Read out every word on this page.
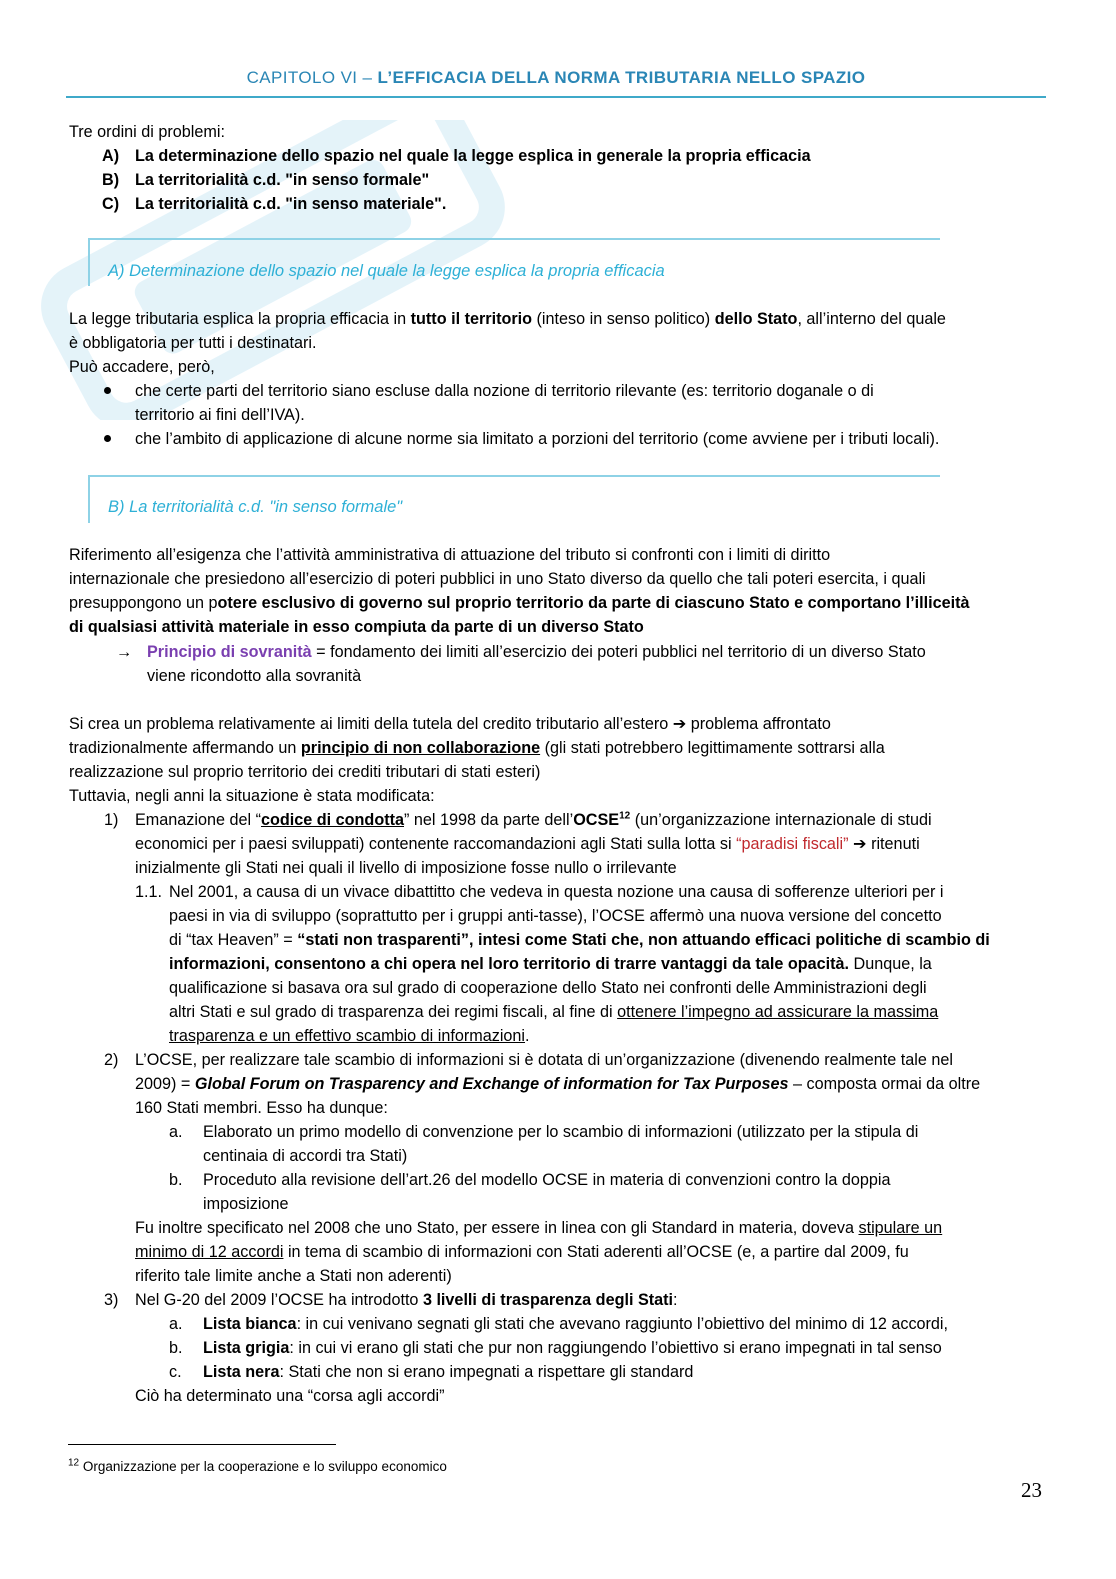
CAPITOLO VI – L’EFFICACIA DELLA NORMA TRIBUTARIA NELLO SPAZIO
Tre ordini di problemi:
A) La determinazione dello spazio nel quale la legge esplica in generale la propria efficacia
B) La territorialità c.d. "in senso formale"
C) La territorialità c.d. "in senso materiale".
A) Determinazione dello spazio nel quale la legge esplica la propria efficacia
La legge tributaria esplica la propria efficacia in tutto il territorio (inteso in senso politico) dello Stato, all’interno del quale
è obbligatoria per tutti i destinatari.
Può accadere, però,
che certe parti del territorio siano escluse dalla nozione di territorio rilevante (es: territorio doganale o di
territorio ai fini dell’IVA).
che l’ambito di applicazione di alcune norme sia limitato a porzioni del territorio (come avviene per i tributi locali).
B) La territorialità c.d. "in senso formale"
Riferimento all’esigenza che l’attività amministrativa di attuazione del tributo si confronti con i limiti di diritto
internazionale che presiedono all’esercizio di poteri pubblici in uno Stato diverso da quello che tali poteri esercita, i quali
presuppongono un potere esclusivo di governo sul proprio territorio da parte di ciascuno Stato e comportano l’illiceità
di qualsiasi attività materiale in esso compiuta da parte di un diverso Stato
→ Principio di sovranità = fondamento dei limiti all’esercizio dei poteri pubblici nel territorio di un diverso Stato
viene ricondotto alla sovranità
Si crea un problema relativamente ai limiti della tutela del credito tributario all’estero ➔ problema affrontato
tradizionalmente affermando un principio di non collaborazione (gli stati potrebbero legittimamente sottrarsi alla
realizzazione sul proprio territorio dei crediti tributari di stati esteri)
Tuttavia, negli anni la situazione è stata modificata:
1) Emanazione del “codice di condotta” nel 1998 da parte dell’OCSE$^{12}$ (un’organizzazione internazionale di studi
economici per i paesi sviluppati) contenente raccomandazioni agli Stati sulla lotta si “paradisi fiscali” ➔ ritenuti
inizialmente gli Stati nei quali il livello di imposizione fosse nullo o irrilevante
1.1. Nel 2001, a causa di un vivace dibattitto che vedeva in questa nozione una causa di sofferenze ulteriori per i
paesi in via di sviluppo (soprattutto per i gruppi anti-tasse), l’OCSE affermò una nuova versione del concetto
di “tax Heaven” = “stati non trasparenti”, intesi come Stati che, non attuando efficaci politiche di scambio di
informazioni, consentono a chi opera nel loro territorio di trarre vantaggi da tale opacità. Dunque, la
qualificazione si basava ora sul grado di cooperazione dello Stato nei confronti delle Amministrazioni degli
altri Stati e sul grado di trasparenza dei regimi fiscali, al fine di ottenere l’impegno ad assicurare la massima
trasparenza e un effettivo scambio di informazioni.
2) L’OCSE, per realizzare tale scambio di informazioni si è dotata di un’organizzazione (divenendo realmente tale nel
2009) = Global Forum on Trasparency and Exchange of information for Tax Purposes – composta ormai da oltre
160 Stati membri. Esso ha dunque:
a. Elaborato un primo modello di convenzione per lo scambio di informazioni (utilizzato per la stipula di
centinaia di accordi tra Stati)
b. Proceduto alla revisione dell’art.26 del modello OCSE in materia di convenzioni contro la doppia
imposizione
Fu inoltre specificato nel 2008 che uno Stato, per essere in linea con gli Standard in materia, doveva stipulare un
minimo di 12 accordi in tema di scambio di informazioni con Stati aderenti all’OCSE (e, a partire dal 2009, fu
riferito tale limite anche a Stati non aderenti)
3) Nel G-20 del 2009 l’OCSE ha introdotto 3 livelli di trasparenza degli Stati:
a. Lista bianca: in cui venivano segnati gli stati che avevano raggiunto l’obiettivo del minimo di 12 accordi,
b. Lista grigia: in cui vi erano gli stati che pur non raggiungendo l’obiettivo si erano impegnati in tal senso
c. Lista nera: Stati che non si erano impegnati a rispettare gli standard
Ciò ha determinato una “corsa agli accordi”
$^{12}$ Organizzazione per la cooperazione e lo sviluppo economico
23
